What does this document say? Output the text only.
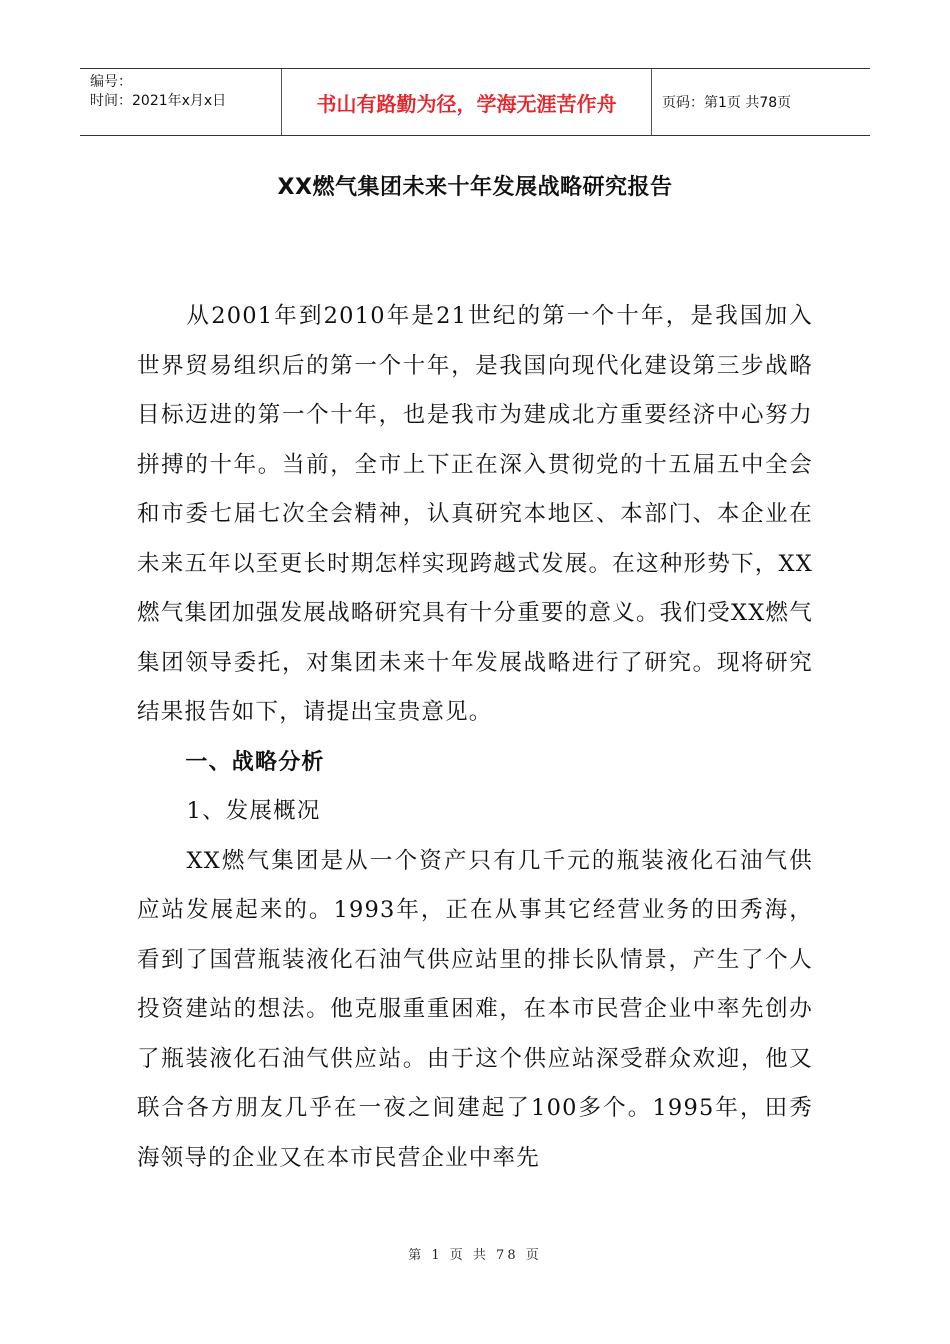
编号：
时间：2021年x月x日	书山有路勤为径，学海无涯苦作舟	页码：第1页 共78页
XX燃气集团未来十年发展战略研究报告

从2001年到2010年是21世纪的第一个十年，是我国加入世界贸易组织后的第一个十年，是我国向现代化建设第三步战略目标迈进的第一个十年，也是我市为建成北方重要经济中心努力拼搏的十年。当前，全市上下正在深入贯彻党的十五届五中全会和市委七届七次全会精神，认真研究本地区、本部门、本企业在未来五年以至更长时期怎样实现跨越式发展。在这种形势下，XX燃气集团加强发展战略研究具有十分重要的意义。我们受XX燃气集团领导委托，对集团未来十年发展战略进行了研究。现将研究结果报告如下，请提出宝贵意见。

一、战略分析

1、发展概况

XX燃气集团是从一个资产只有几千元的瓶装液化石油气供应站发展起来的。1993年，正在从事其它经营业务的田秀海，看到了国营瓶装液化石油气供应站里的排长队情景，产生了个人投资建站的想法。他克服重重困难，在本市民营企业中率先创办了瓶装液化石油气供应站。由于这个供应站深受群众欢迎，他又联合各方朋友几乎在一夜之间建起了100多个。1995年，田秀海领导的企业又在本市民营企业中率先

第 1 页 共 78 页
